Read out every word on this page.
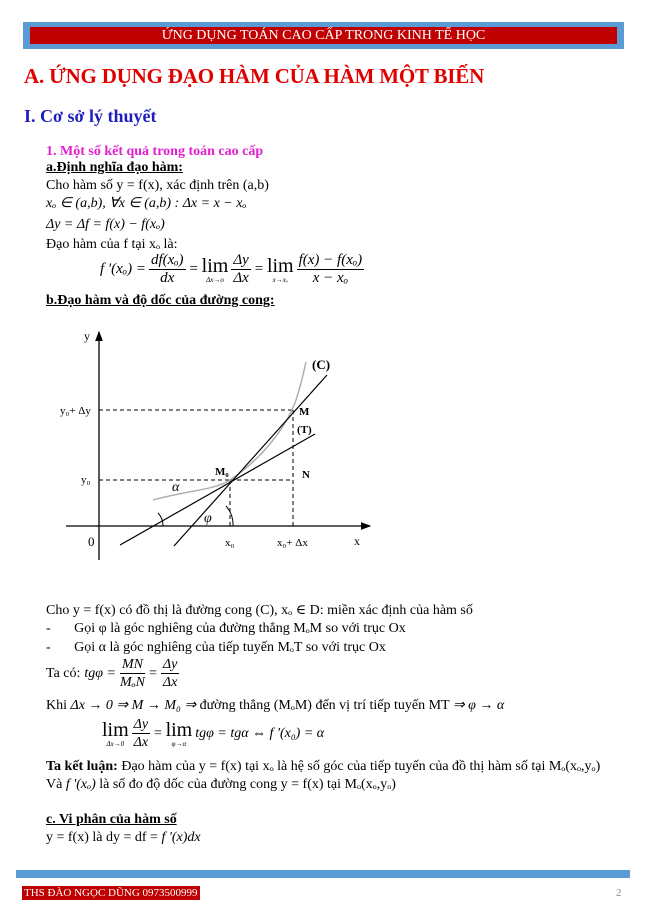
ỨNG DỤNG TOÁN CAO CẤP TRONG KINH TẾ HỌC
A. ỨNG DỤNG ĐẠO HÀM CỦA HÀM MỘT BIẾN
I. Cơ sở lý thuyết
1. Một số kết quả trong toán cao cấp
a.Định nghĩa đạo hàm:
Cho hàm số y = f(x), xác định trên (a,b)
xₒ ∈ (a,b), ∀x ∈ (a,b) : Δx = x − xₒ
Δy = Δf = f(x) − f(xₒ)
Đạo hàm của f tại xₒ là:
f '$(x_o) = \frac{\text{df(xₒ)}}{dx} = \lim$
$\Delta x\to o \frac{\Delta y}{\Delta x} = \lim$
$x\to x_o \frac{\text{f(x) − f(xₒ)}}{\text{x − xₒ}}$
b.Đạo hàm và độ dốc của đường cong:
y
x
0
y₀+ Δy
y₀
x₀	x₀+ Δx
(C)
M
(T)
M₀	N
α
φ
Cho y = f(x) có đồ thị là đường cong (C), xₒ ∈ D: miền xác định của hàm số
- Gọi φ là góc nghiêng của đường thẳng MₒM so với trục Ox
- Gọi α là góc nghiêng của tiếp tuyến MₒT so với trục Ox
Ta có: $tg\varphi = \frac{MN}{\text{MₒN}} = \frac{\Delta y}{\Delta x}$
Khi Δx → 0 ⇒ M → M₀ ⇒ đường thẳng (MₒM) đến vị trí tiếp tuyến MT ⇒ φ → α
lim
$\Delta x\to 0 \frac{\Delta y}{\Delta x} = \lim$
φ→α
tgφ = tgα ⇔ f '(x₀) = α
Ta kết luận: Đạo hàm của y = f(x) tại xₒ là hệ số góc của tiếp tuyến của đồ thị hàm số tại Mₒ(xₒ,yₒ)
Và f '(xₒ) là số đo độ dốc của đường cong y = f(x) tại Mₒ(xₒ,yₒ)
c. Vi phân của hàm số
y = f(x) là dy = df = f '(x)dx
THS ĐÀO NGỌC DŨNG 0973500999	2
